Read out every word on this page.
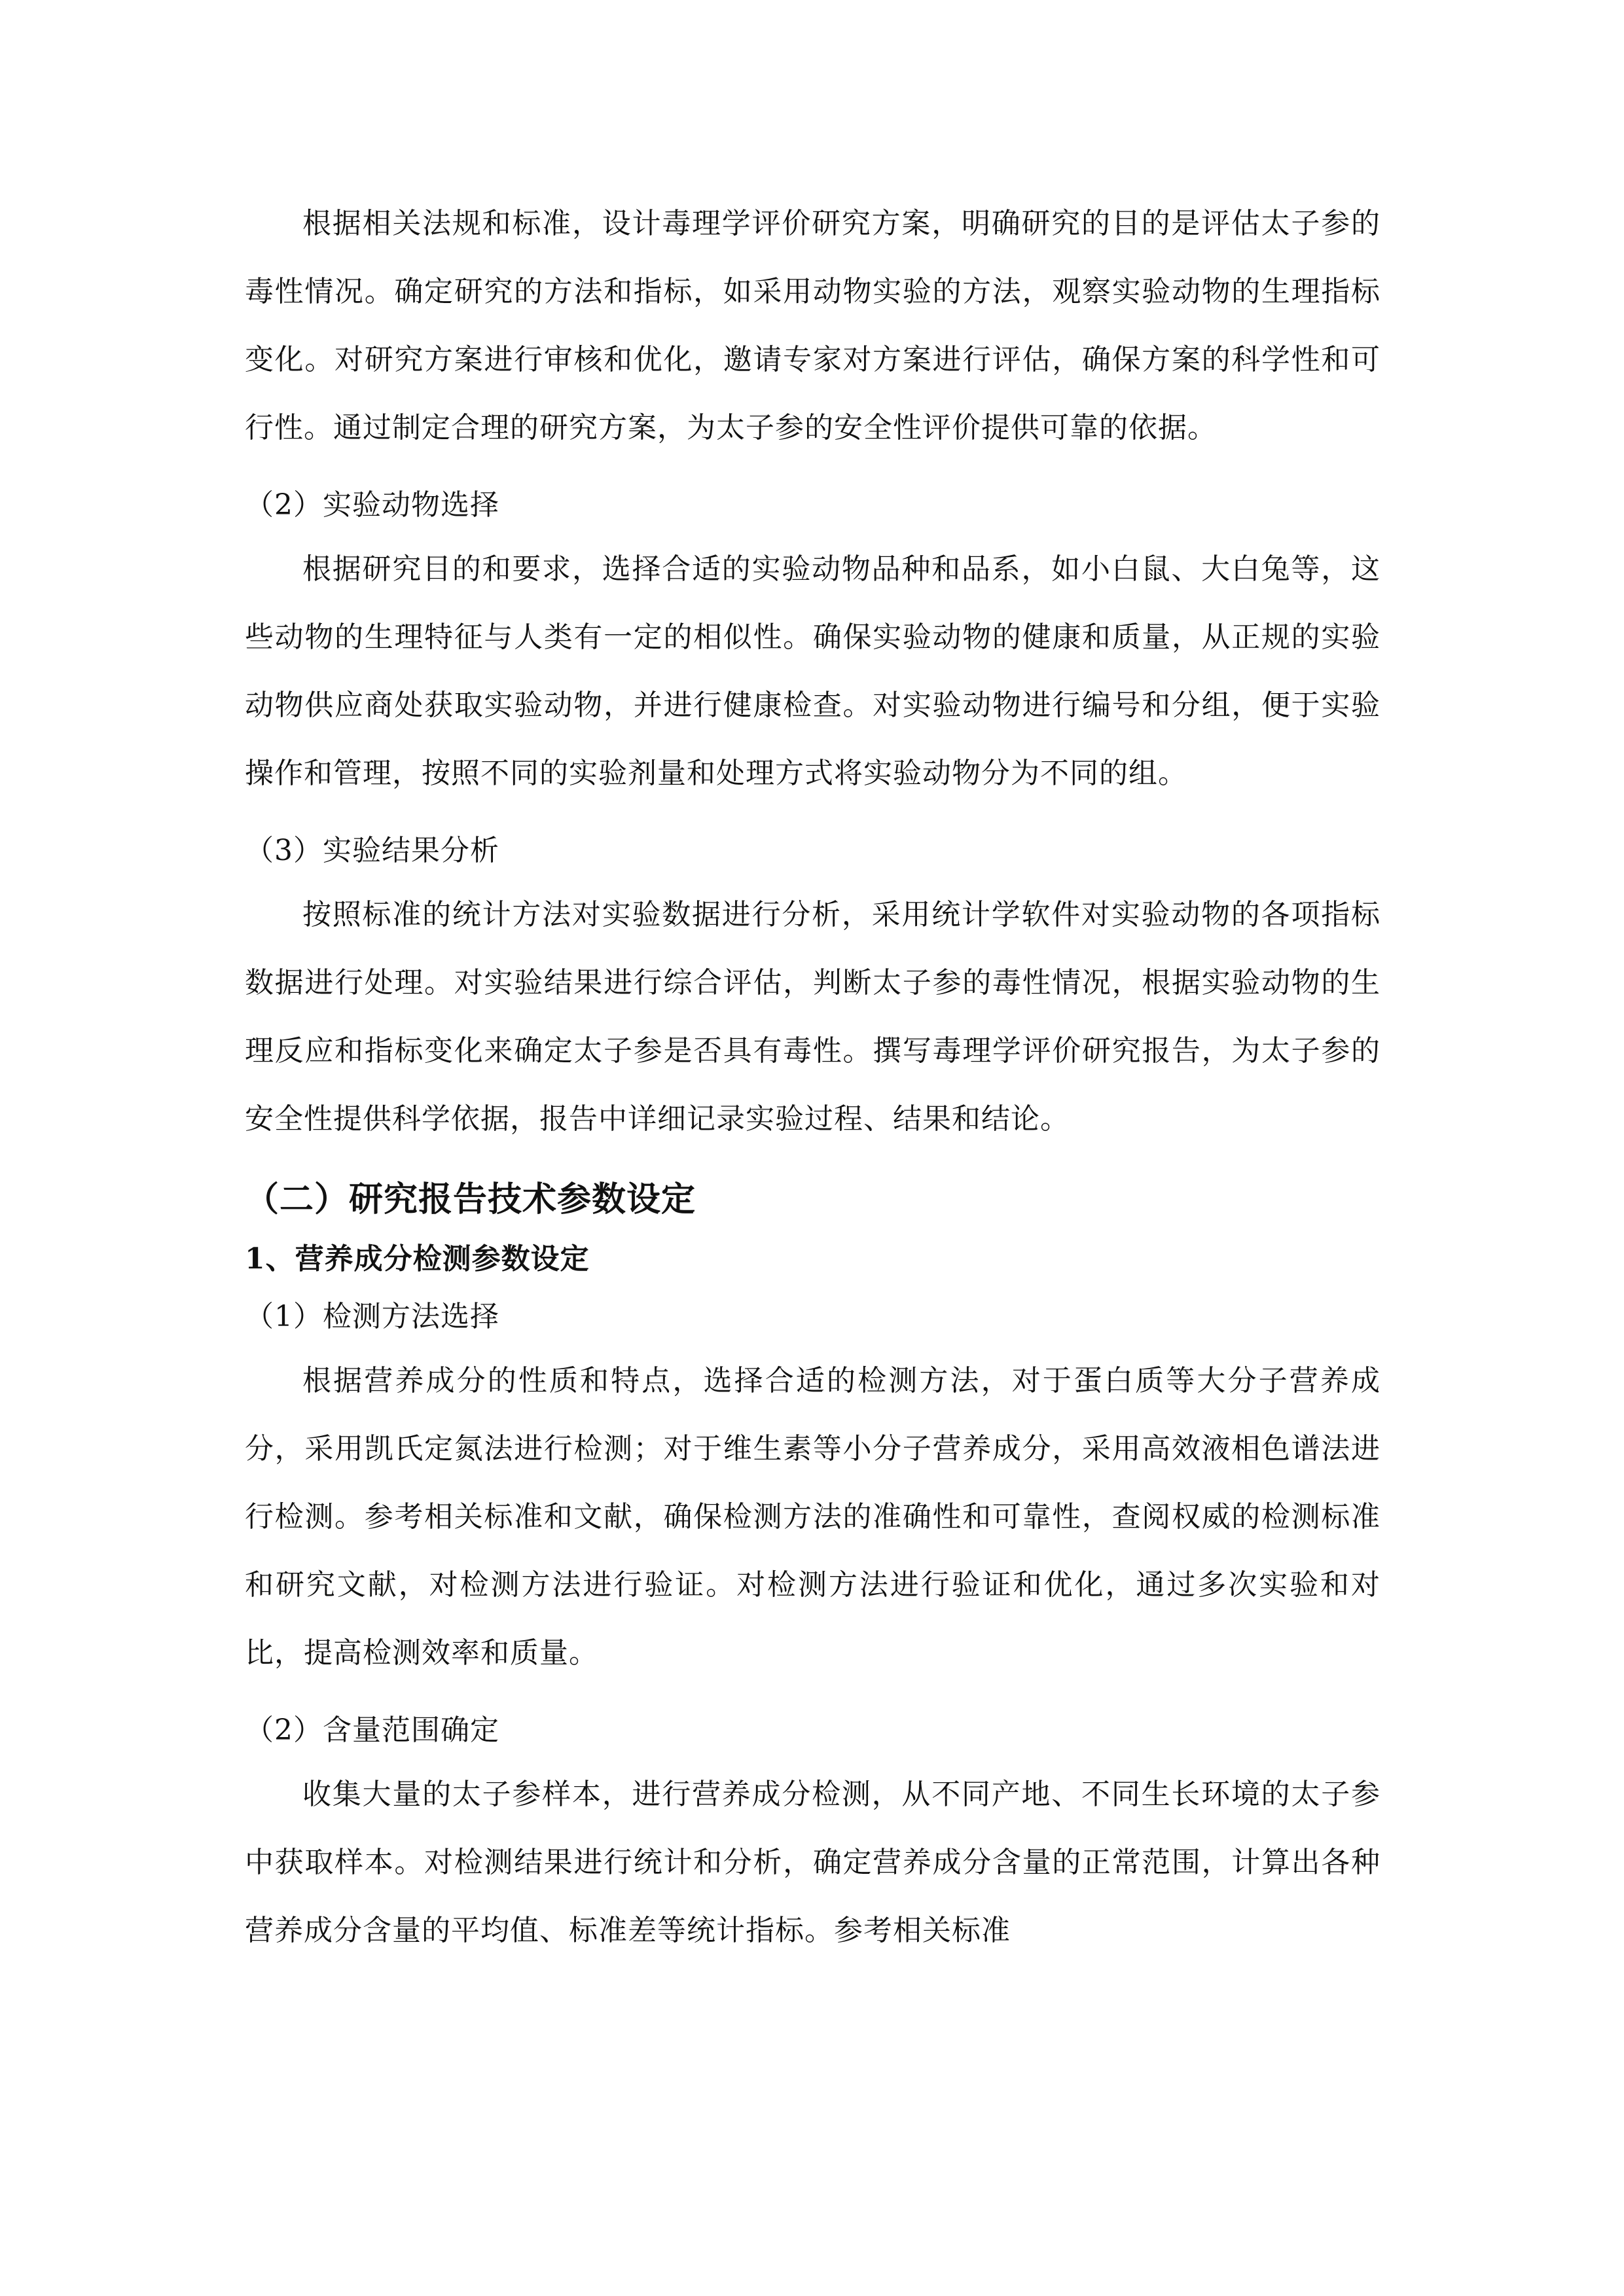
根据相关法规和标准，设计毒理学评价研究方案，明确研究的目的是评估太子参的毒性情况。确定研究的方法和指标，如采用动物实验的方法，观察实验动物的生理指标变化。对研究方案进行审核和优化，邀请专家对方案进行评估，确保方案的科学性和可行性。通过制定合理的研究方案，为太子参的安全性评价提供可靠的依据。

（2）实验动物选择

根据研究目的和要求，选择合适的实验动物品种和品系，如小白鼠、大白兔等，这些动物的生理特征与人类有一定的相似性。确保实验动物的健康和质量，从正规的实验动物供应商处获取实验动物，并进行健康检查。对实验动物进行编号和分组，便于实验操作和管理，按照不同的实验剂量和处理方式将实验动物分为不同的组。

（3）实验结果分析

按照标准的统计方法对实验数据进行分析，采用统计学软件对实验动物的各项指标数据进行处理。对实验结果进行综合评估，判断太子参的毒性情况，根据实验动物的生理反应和指标变化来确定太子参是否具有毒性。撰写毒理学评价研究报告，为太子参的安全性提供科学依据，报告中详细记录实验过程、结果和结论。

（二）研究报告技术参数设定
1、营养成分检测参数设定

（1）检测方法选择

根据营养成分的性质和特点，选择合适的检测方法，对于蛋白质等大分子营养成分，采用凯氏定氮法进行检测；对于维生素等小分子营养成分，采用高效液相色谱法进行检测。参考相关标准和文献，确保检测方法的准确性和可靠性，查阅权威的检测标准和研究文献，对检测方法进行验证。对检测方法进行验证和优化，通过多次实验和对比，提高检测效率和质量。

（2）含量范围确定

收集大量的太子参样本，进行营养成分检测，从不同产地、不同生长环境的太子参中获取样本。对检测结果进行统计和分析，确定营养成分含量的正常范围，计算出各种营养成分含量的平均值、标准差等统计指标。参考相关标准
